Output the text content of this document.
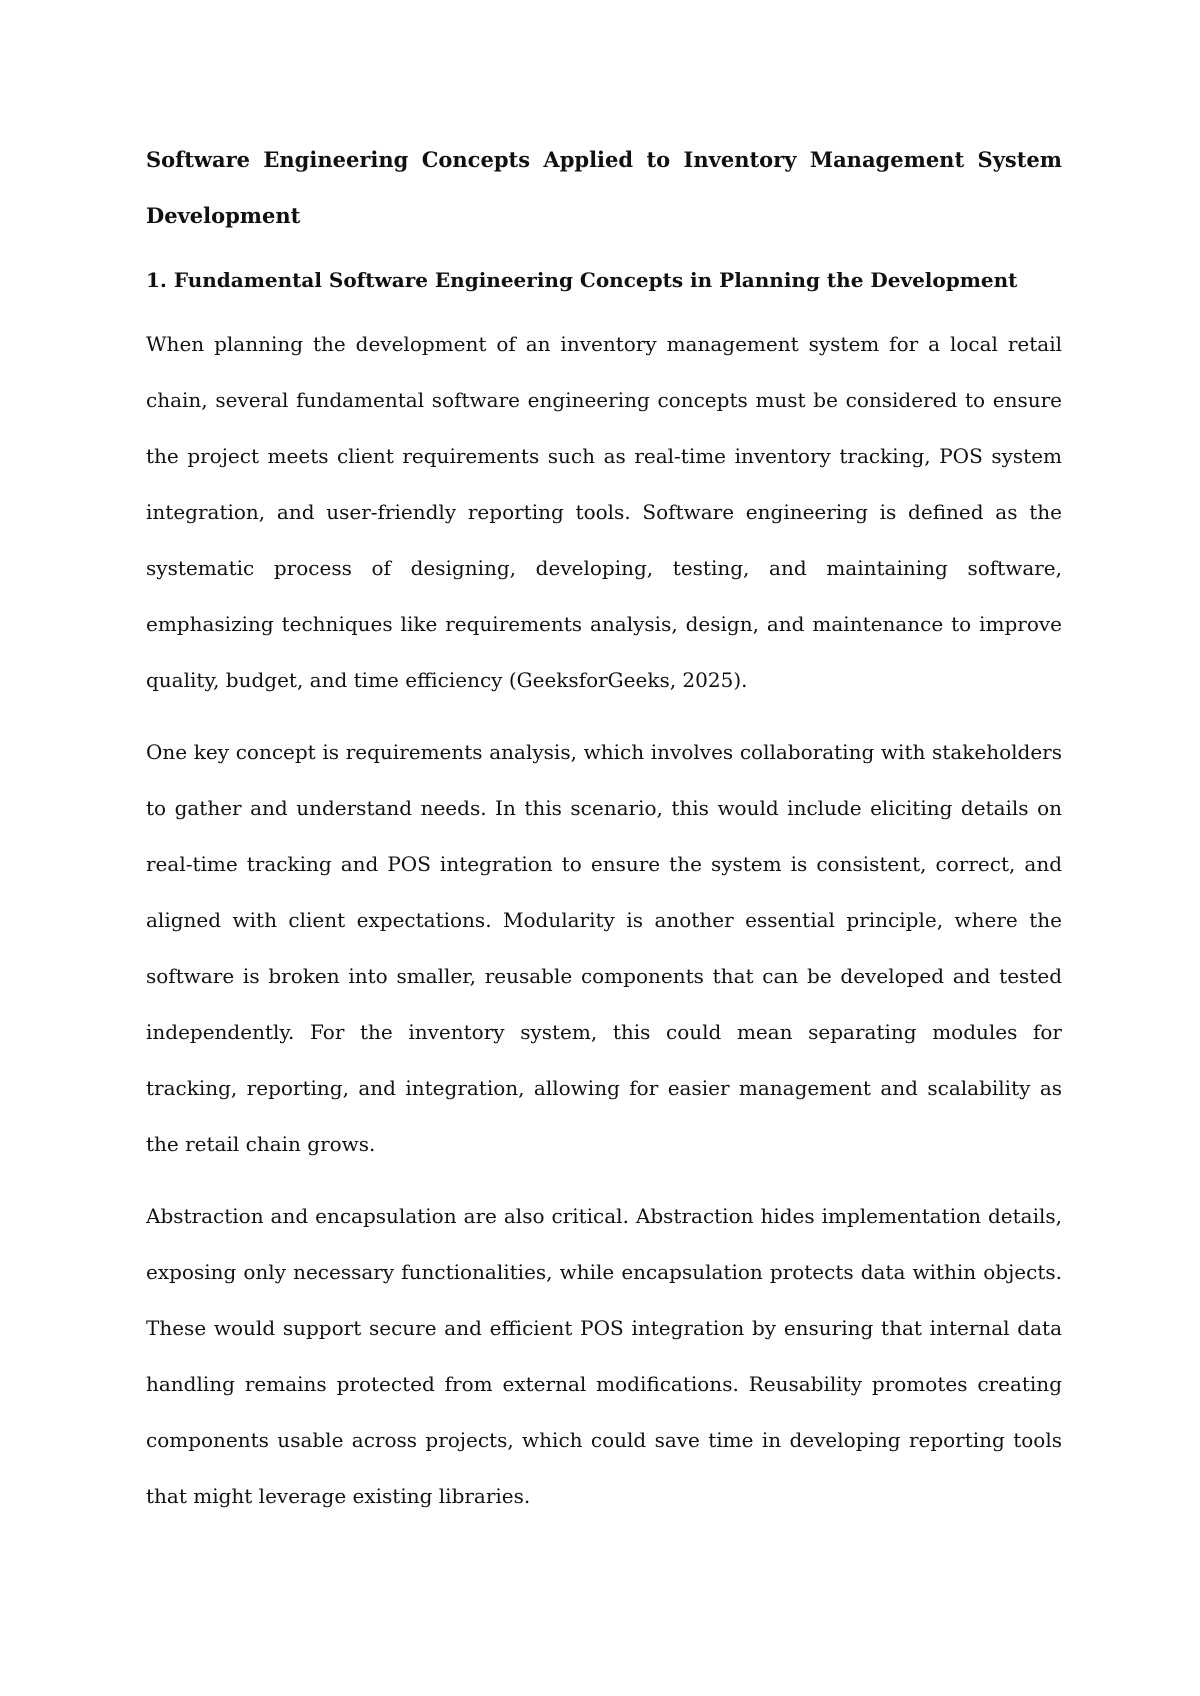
Software Engineering Concepts Applied to Inventory Management System Development
1. Fundamental Software Engineering Concepts in Planning the Development

When planning the development of an inventory management system for a local retail chain, several fundamental software engineering concepts must be considered to ensure the project meets client requirements such as real-time inventory tracking, POS system integration, and user-friendly reporting tools. Software engineering is defined as the systematic process of designing, developing, testing, and maintaining software, emphasizing techniques like requirements analysis, design, and maintenance to improve quality, budget, and time efficiency (GeeksforGeeks, 2025).

One key concept is requirements analysis, which involves collaborating with stakeholders to gather and understand needs. In this scenario, this would include eliciting details on real-time tracking and POS integration to ensure the system is consistent, correct, and aligned with client expectations. Modularity is another essential principle, where the software is broken into smaller, reusable components that can be developed and tested independently. For the inventory system, this could mean separating modules for tracking, reporting, and integration, allowing for easier management and scalability as the retail chain grows.

Abstraction and encapsulation are also critical. Abstraction hides implementation details, exposing only necessary functionalities, while encapsulation protects data within objects. These would support secure and efficient POS integration by ensuring that internal data handling remains protected from external modifications. Reusability promotes creating components usable across projects, which could save time in developing reporting tools that might leverage existing libraries.
